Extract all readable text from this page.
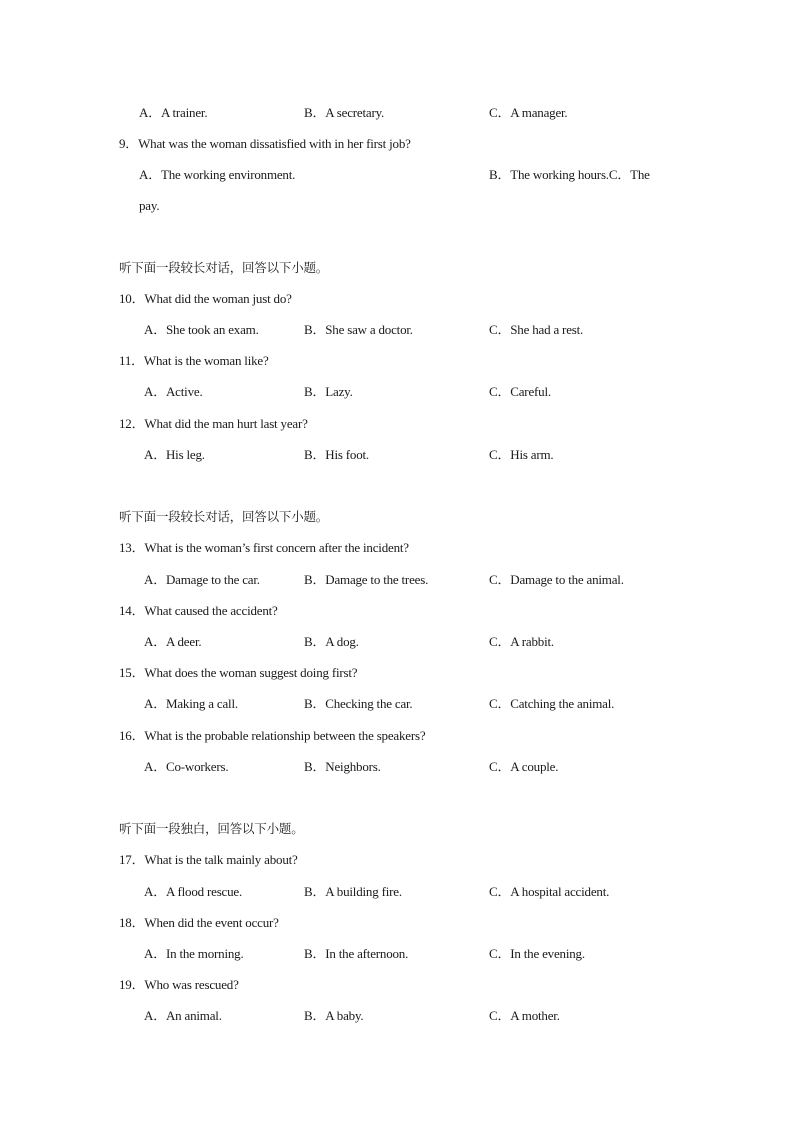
A．A trainer.	B．A secretary.	C．A manager.
9．What was the woman dissatisfied with in her first job?
A．The working environment.	B．The working hours.C．The
pay.
听下面一段较长对话，回答以下小题。
10．What did the woman just do?
A．She took an exam.	B．She saw a doctor.	C．She had a rest.
11．What is the woman like?
A．Active.	B．Lazy.	C．Careful.
12．What did the man hurt last year?
A．His leg.	B．His foot.	C．His arm.
听下面一段较长对话，回答以下小题。
13．What is the woman’s first concern after the incident?
A．Damage to the car.	B．Damage to the trees.	C．Damage to the animal.
14．What caused the accident?
A．A deer.	B．A dog.	C．A rabbit.
15．What does the woman suggest doing first?
A．Making a call.	B．Checking the car.	C．Catching the animal.
16．What is the probable relationship between the speakers?
A．Co-workers.	B．Neighbors.	C．A couple.
听下面一段独白，回答以下小题。
17．What is the talk mainly about?
A．A flood rescue.	B．A building fire.	C．A hospital accident.
18．When did the event occur?
A．In the morning.	B．In the afternoon.	C．In the evening.
19．Who was rescued?
A．An animal.	B．A baby.	C．A mother.
